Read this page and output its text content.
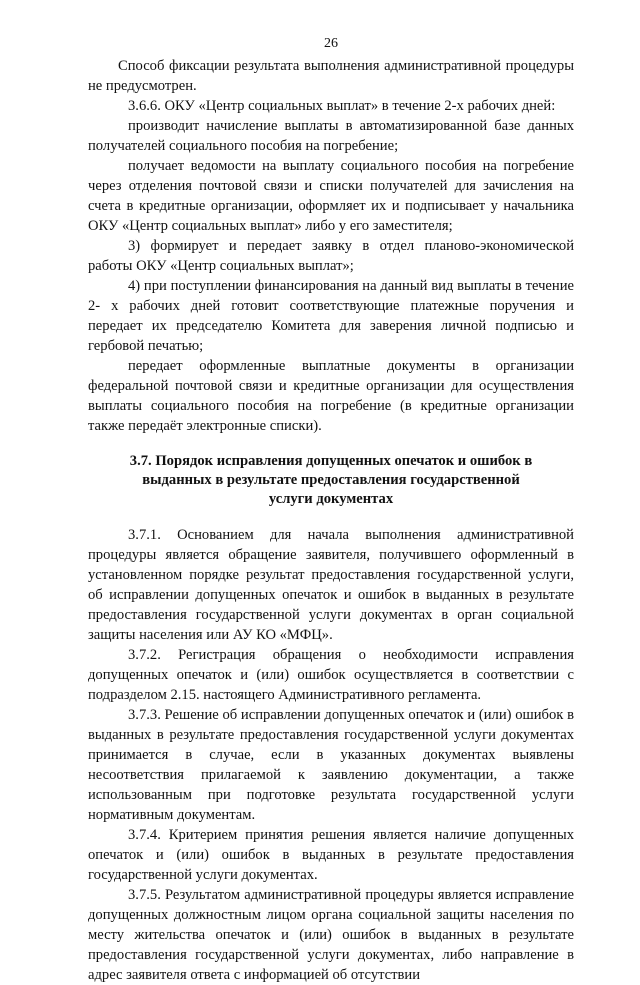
26

Способ фиксации результата выполнения административной процедуры не предусмотрен.

3.6.6. ОКУ «Центр социальных выплат» в течение 2-х рабочих дней:

производит начисление выплаты в автоматизированной базе данных получателей социального пособия на погребение;

получает ведомости на выплату социального пособия на погребение через отделения почтовой связи и списки получателей для зачисления на счета в кредитные организации, оформляет их и подписывает у начальника ОКУ «Центр социальных выплат» либо у его заместителя;

3) формирует и передает заявку в отдел планово-экономической работы ОКУ «Центр социальных выплат»;

4) при поступлении финансирования на данный вид выплаты в течение 2- х рабочих дней готовит соответствующие платежные поручения и передает их председателю Комитета для заверения личной подписью и гербовой печатью;

передает оформленные выплатные документы в организации федеральной почтовой связи и кредитные организации для осуществления выплаты социального пособия на погребение (в кредитные организации также передаёт электронные списки).

3.7. Порядок исправления допущенных опечаток и ошибок в
выданных в результате предоставления государственной
услуги документах

3.7.1. Основанием для начала выполнения административной процедуры является обращение заявителя, получившего оформленный в установленном порядке результат предоставления государственной услуги, об исправлении допущенных опечаток и ошибок в выданных в результате предоставления государственной услуги документах в орган социальной защиты населения или АУ КО «МФЦ».

3.7.2. Регистрация обращения о необходимости исправления допущенных опечаток и (или) ошибок осуществляется в соответствии с подразделом 2.15. настоящего Административного регламента.

3.7.3. Решение об исправлении допущенных опечаток и (или) ошибок в выданных в результате предоставления государственной услуги документах принимается в случае, если в указанных документах выявлены несоответствия прилагаемой к заявлению документации, а также использованным при подготовке результата государственной услуги нормативным документам.

3.7.4. Критерием принятия решения является наличие допущенных опечаток и (или) ошибок в выданных в результате предоставления государственной услуги документах.

3.7.5. Результатом административной процедуры является исправление допущенных должностным лицом органа социальной защиты населения по месту жительства опечаток и (или) ошибок в выданных в результате предоставления государственной услуги документах, либо направление в адрес заявителя ответа с информацией об отсутствии
